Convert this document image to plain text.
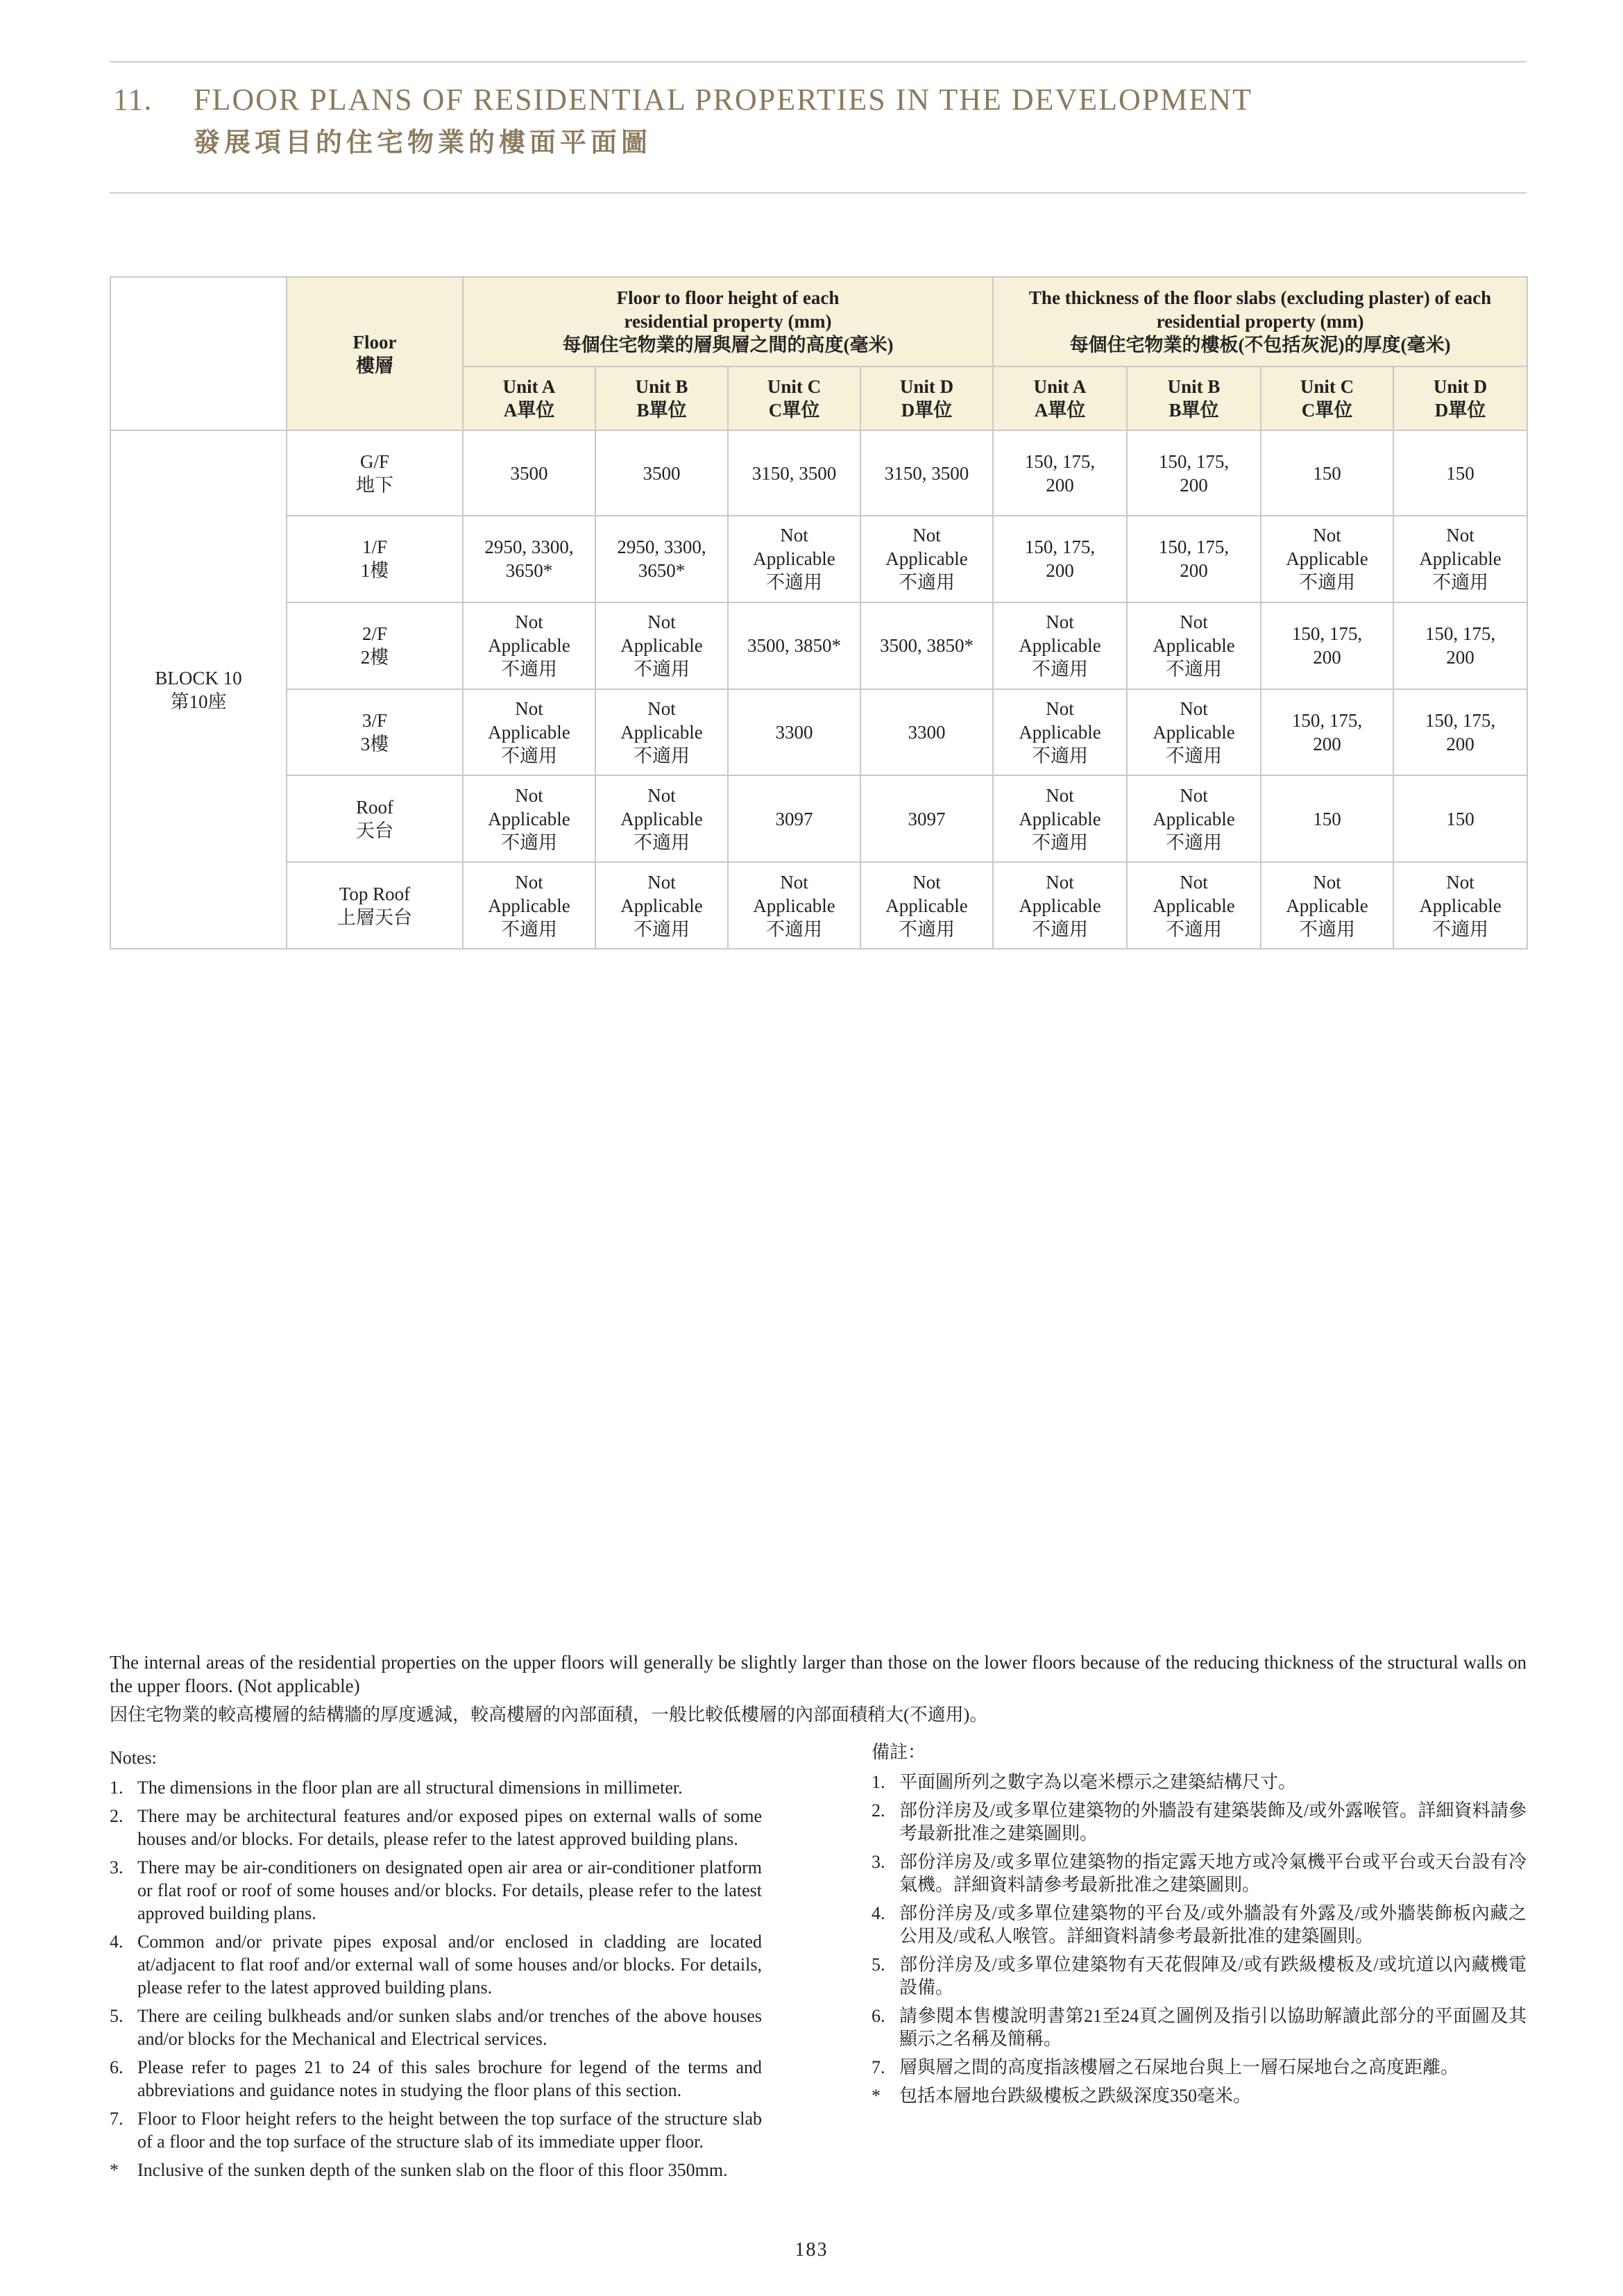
11. FLOOR PLANS OF RESIDENTIAL PROPERTIES IN THE DEVELOPMENT
發展項目的住宅物業的樓面平面圖

	Floor
樓層	Floor to floor height of each
residential property (mm)
每個住宅物業的層與層之間的高度(毫米)				The thickness of the floor slabs (excluding plaster) of each
residential property (mm)
每個住宅物業的樓板(不包括灰泥)的厚度(毫米)			

		Unit A
A單位	Unit B
B單位	Unit C
C單位	Unit D
D單位	Unit A
A單位	Unit B
B單位	Unit C
C單位	Unit D
D單位

BLOCK 10
第10座	G/F
地下	3500	3500	3150, 3500	3150, 3500	150, 175,
200	150, 175,
200	150	150

	1/F
1樓	2950, 3300,
3650*	2950, 3300,
3650*	Not
Applicable
不適用	Not
Applicable
不適用	150, 175,
200	150, 175,
200	Not
Applicable
不適用	Not
Applicable
不適用

	2/F
2樓	Not
Applicable
不適用	Not
Applicable
不適用	3500, 3850*	3500, 3850*	Not
Applicable
不適用	Not
Applicable
不適用	150, 175,
200	150, 175,
200

	3/F
3樓	Not
Applicable
不適用	Not
Applicable
不適用	3300	3300	Not
Applicable
不適用	Not
Applicable
不適用	150, 175,
200	150, 175,
200

	Roof
天台	Not
Applicable
不適用	Not
Applicable
不適用	3097	3097	Not
Applicable
不適用	Not
Applicable
不適用	150	150

	Top Roof
上層天台	Not
Applicable
不適用	Not
Applicable
不適用	Not
Applicable
不適用	Not
Applicable
不適用	Not
Applicable
不適用	Not
Applicable
不適用	Not
Applicable
不適用	Not
Applicable
不適用
The internal areas of the residential properties on the upper floors will generally be slightly larger than those on the lower floors because of the reducing thickness of the structural walls on the upper floors. (Not applicable)
因住宅物業的較高樓層的結構牆的厚度遞減，較高樓層的內部面積，一般比較低樓層的內部面積稍大(不適用)。
Notes:
1. The dimensions in the floor plan are all structural dimensions in millimeter.
2. There may be architectural features and/or exposed pipes on external walls of some houses and/or blocks. For details, please refer to the latest approved building plans.
3. There may be air-conditioners on designated open air area or air-conditioner platform or flat roof or roof of some houses and/or blocks. For details, please refer to the latest approved building plans.
4. Common and/or private pipes exposal and/or enclosed in cladding are located at/adjacent to flat roof and/or external wall of some houses and/or blocks. For details, please refer to the latest approved building plans.
5. There are ceiling bulkheads and/or sunken slabs and/or trenches of the above houses and/or blocks for the Mechanical and Electrical services.
6. Please refer to pages 21 to 24 of this sales brochure for legend of the terms and abbreviations and guidance notes in studying the floor plans of this section.
7. Floor to Floor height refers to the height between the top surface of the structure slab of a floor and the top surface of the structure slab of its immediate upper floor.
* Inclusive of the sunken depth of the sunken slab on the floor of this floor 350mm.
備註：
1. 平面圖所列之數字為以毫米標示之建築結構尺寸。
2. 部份洋房及/或多單位建築物的外牆設有建築裝飾及/或外露喉管。詳細資料請參考最新批准之建築圖則。
3. 部份洋房及/或多單位建築物的指定露天地方或冷氣機平台或平台或天台設有冷氣機。詳細資料請參考最新批准之建築圖則。
4. 部份洋房及/或多單位建築物的平台及/或外牆設有外露及/或外牆裝飾板內藏之公用及/或私人喉管。詳細資料請參考最新批准的建築圖則。
5. 部份洋房及/或多單位建築物有天花假陣及/或有跌級樓板及/或坑道以內藏機電設備。
6. 請參閱本售樓說明書第21至24頁之圖例及指引以協助解讀此部分的平面圖及其顯示之名稱及簡稱。
7. 層與層之間的高度指該樓層之石屎地台與上一層石屎地台之高度距離。
* 包括本層地台跌級樓板之跌級深度350毫米。
183
